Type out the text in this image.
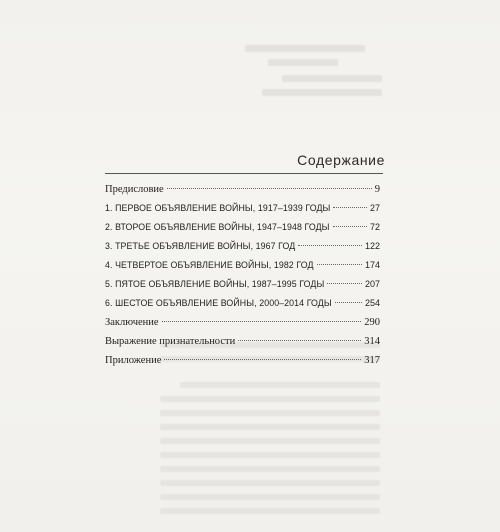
Содержание
Предисловие	9
1. ПЕРВОЕ ОБЪЯВЛЕНИЕ ВОЙНЫ, 1917–1939 ГОДЫ	27
2. ВТОРОЕ ОБЪЯВЛЕНИЕ ВОЙНЫ, 1947–1948 ГОДЫ	72
3. ТРЕТЬЕ ОБЪЯВЛЕНИЕ ВОЙНЫ, 1967 ГОД	122
4. ЧЕТВЕРТОЕ ОБЪЯВЛЕНИЕ ВОЙНЫ, 1982 ГОД	174
5. ПЯТОЕ ОБЪЯВЛЕНИЕ ВОЙНЫ, 1987–1995 ГОДЫ	207
6. ШЕСТОЕ ОБЪЯВЛЕНИЕ ВОЙНЫ, 2000–2014 ГОДЫ	254
Заключение	290
Выражение признательности	314
Приложение	317
